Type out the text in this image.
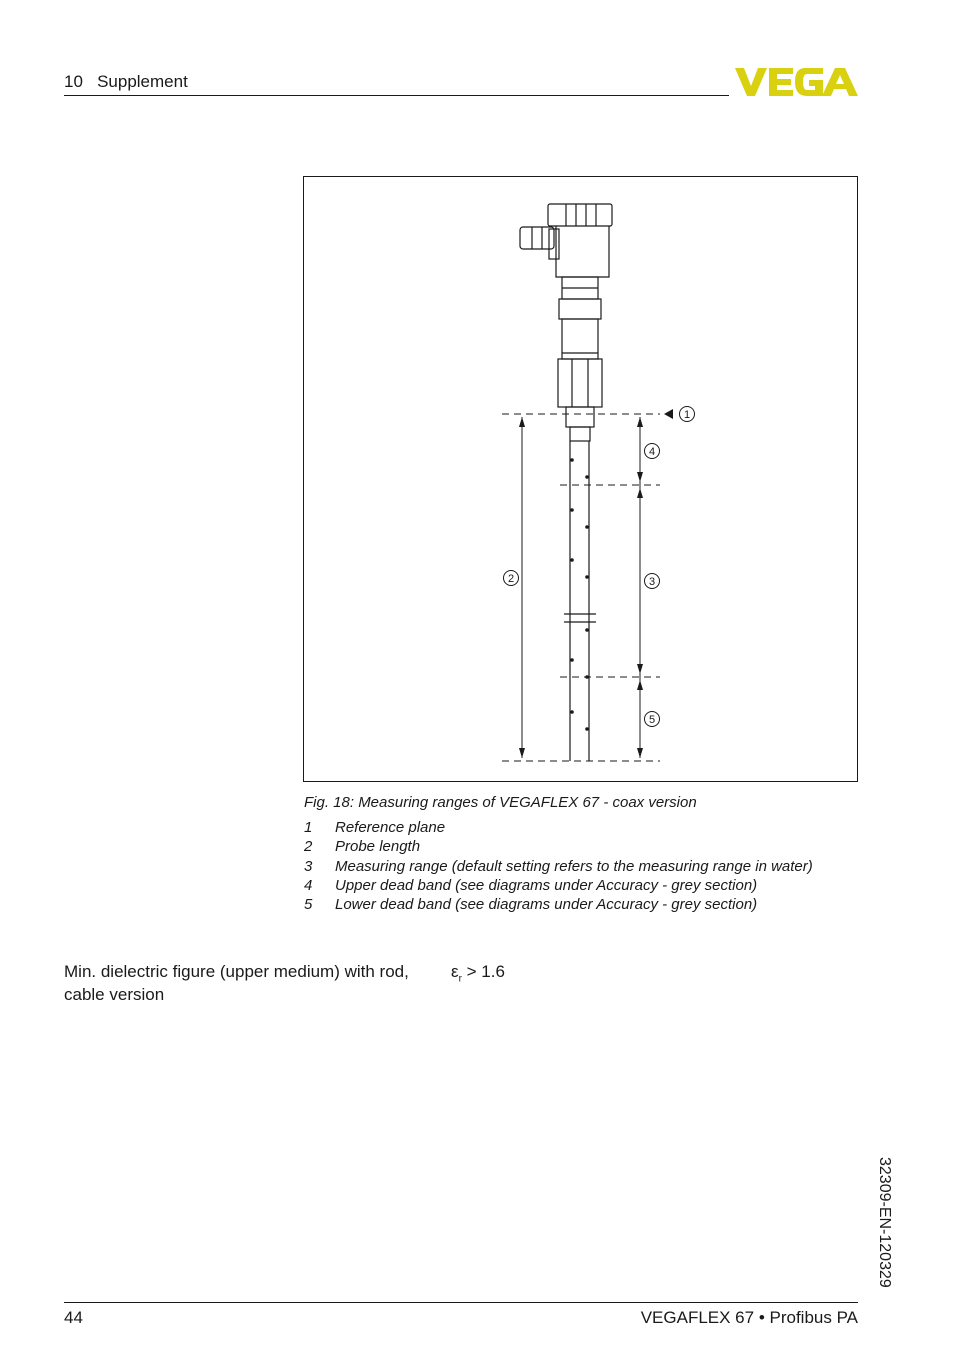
10   Supplement
1
2	3
4
5
Fig. 18: Measuring ranges of VEGAFLEX 67 - coax version
1	Reference plane
2	Probe length
3	Measuring range (default setting refers to the measuring range in water)
4	Upper dead band (see diagrams under Accuracy - grey section)
5	Lower dead band (see diagrams under Accuracy - grey section)
Min. dielectric figure (upper medium) with rod, cable version
$\varepsilon_r > 1.6$
32309-EN-120329
44	VEGAFLEX 67 • Profibus PA
